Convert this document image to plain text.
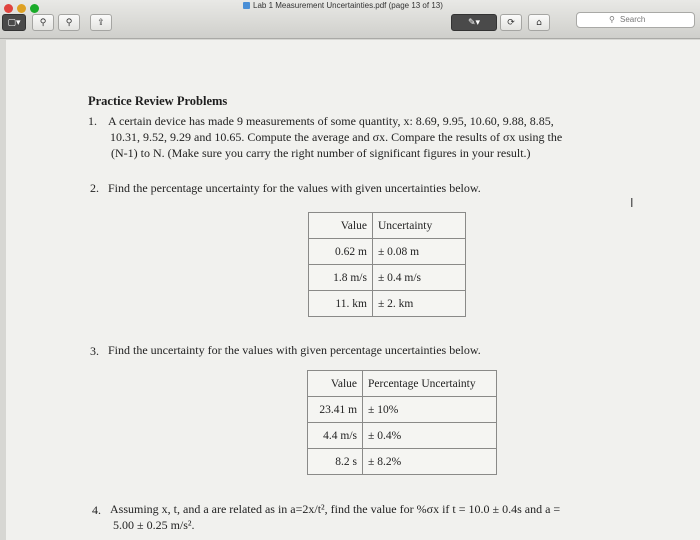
Lab 1 Measurement Uncertainties.pdf (page 13 of 13)
▢▾	⚲ ⚲	⇪	✎▾	⟳ ⌂	⚲ Search
Practice Review Problems
1. A certain device has made 9 measurements of some quantity, x: 8.69, 9.95, 10.60, 9.88, 8.85,
10.31, 9.52, 9.29 and 10.65. Compute the average and σx. Compare the results of σx using the
(N-1) to N. (Make sure you carry the right number of significant figures in your result.)
2. Find the percentage uncertainty for the values with given uncertainties below.
Value	Uncertainty
0.62 m	± 0.08 m
1.8 m/s	± 0.4 m/s
11. km	± 2. km
3. Find the uncertainty for the values with given percentage uncertainties below.
Value	Percentage Uncertainty
23.41 m	± 10%
4.4 m/s	± 0.4%
8.2 s	± 8.2%
4. Assuming x, t, and a are related as in a=2x/t², find the value for %σx if t = 10.0 ± 0.4s and a =
5.00 ± 0.25 m/s².
I
